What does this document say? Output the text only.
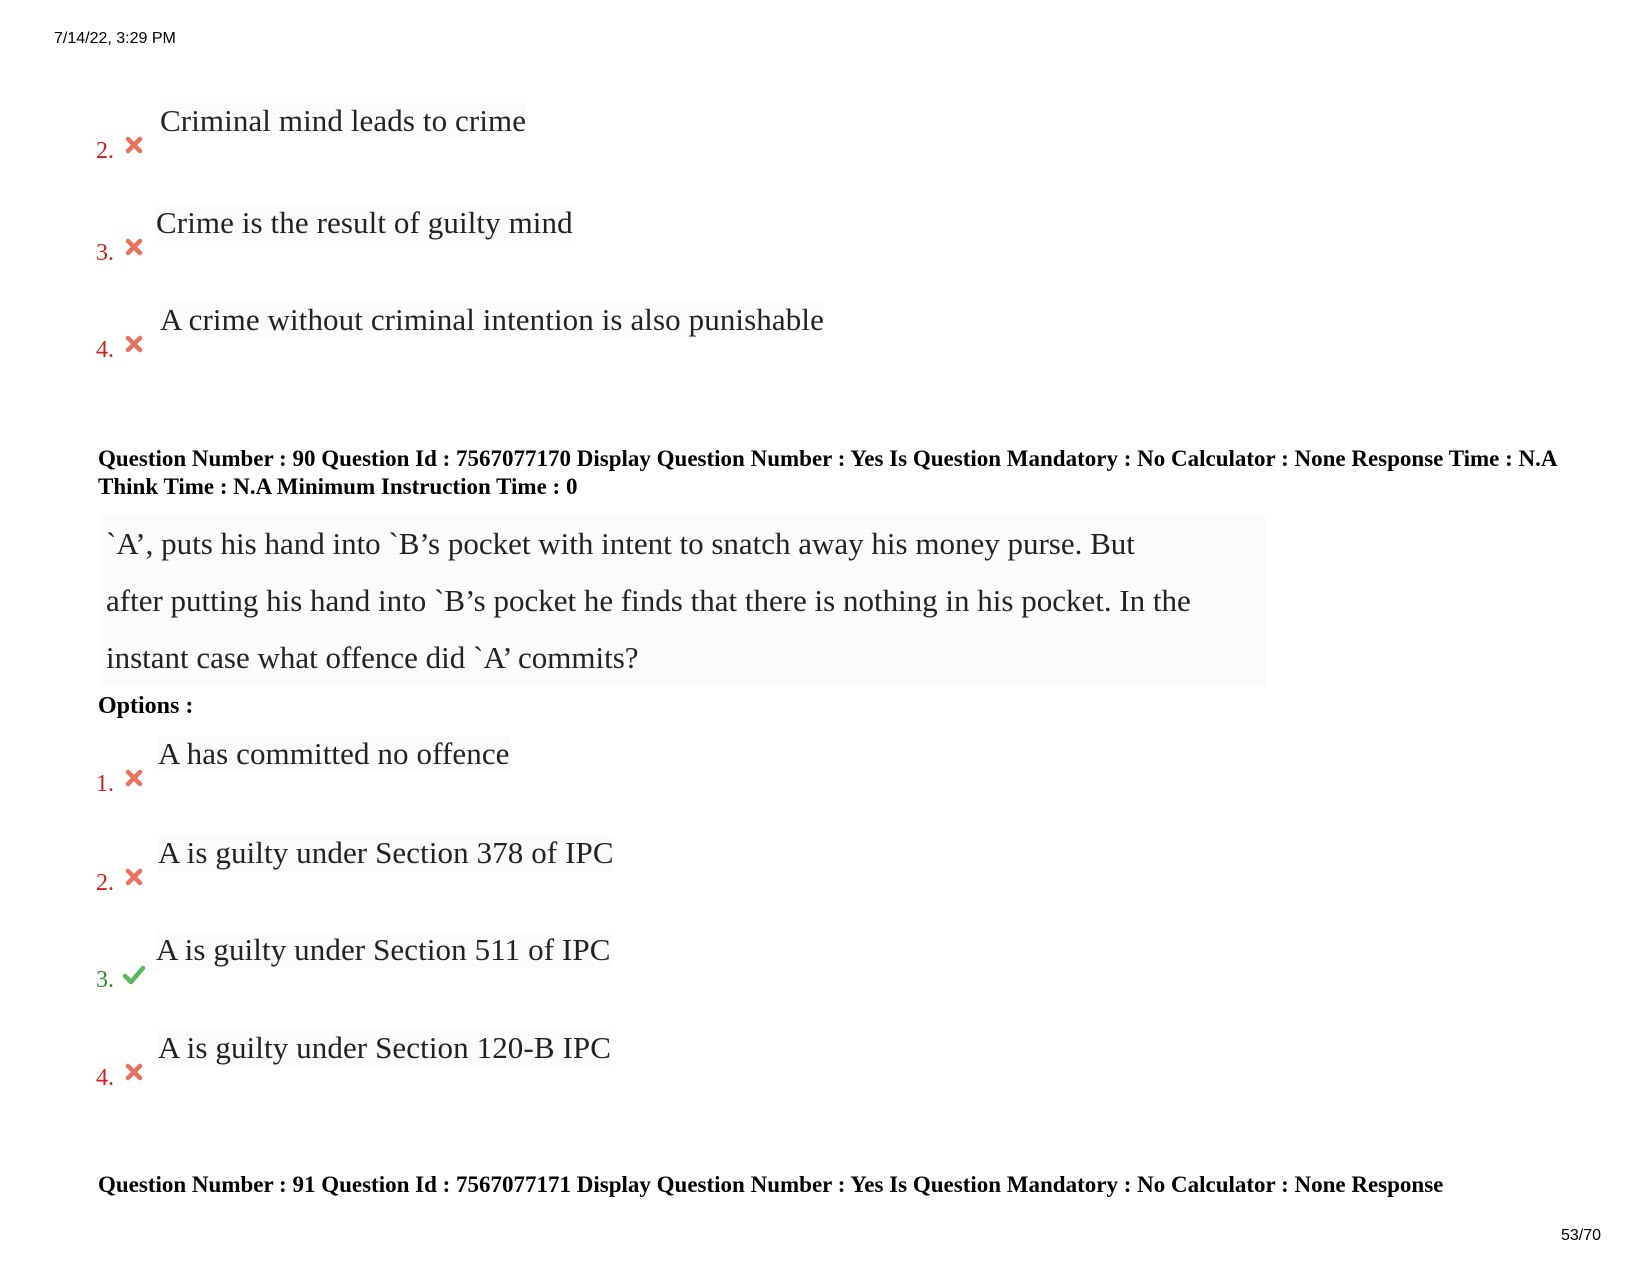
7/14/22, 3:29 PM
2.
Criminal mind leads to crime
3.
Crime is the result of guilty mind
4.
A crime without criminal intention is also punishable
Question Number : 90 Question Id : 7567077170 Display Question Number : Yes Is Question Mandatory : No Calculator : None Response Time : N.A Think Time : N.A Minimum Instruction Time : 0
`A’, puts his hand into `B’s pocket with intent to snatch away his money purse. But
after putting his hand into `B’s pocket he finds that there is nothing in his pocket. In the
instant case what offence did `A’ commits?
Options :
1.
A has committed no offence
2.
A is guilty under Section 378 of IPC
3.
A is guilty under Section 511 of IPC
4.
A is guilty under Section 120-B IPC
Question Number : 91 Question Id : 7567077171 Display Question Number : Yes Is Question Mandatory : No Calculator : None Response
53/70
